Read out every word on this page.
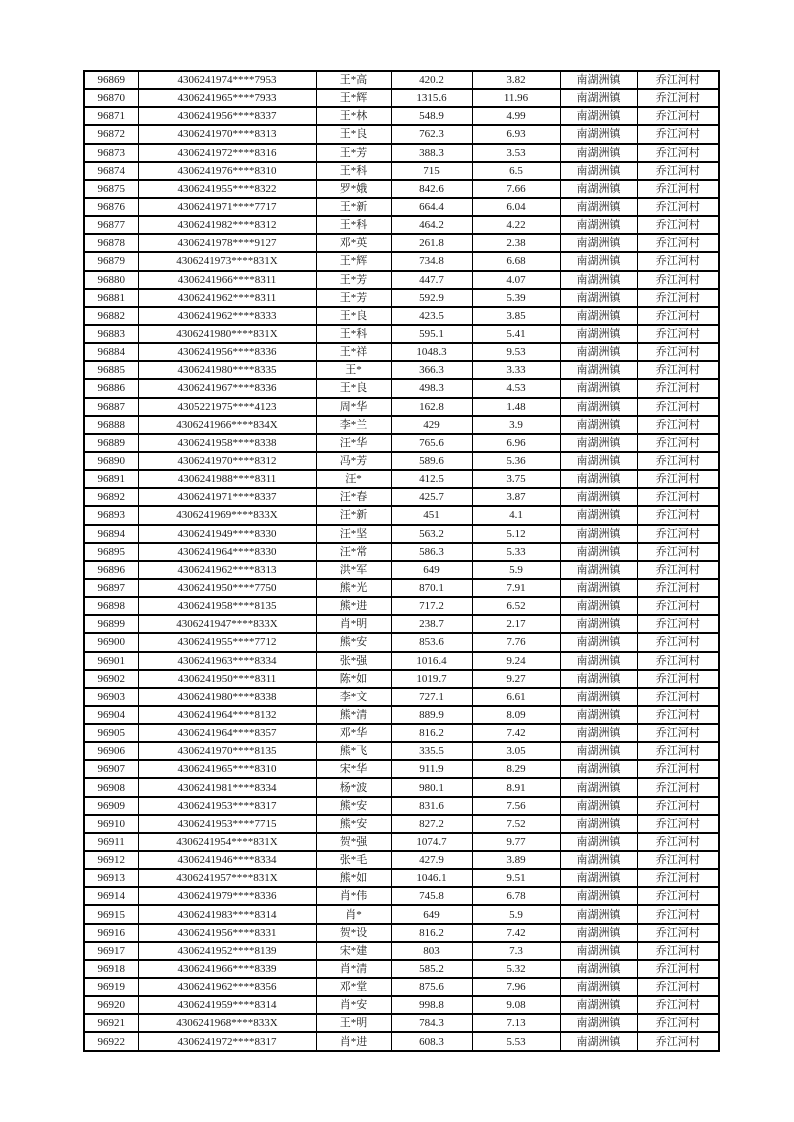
96869	4306241974****7953	王*高	420.2	3.82	南湖洲镇	乔江河村
96870	4306241965****7933	王*辉	1315.6	11.96	南湖洲镇	乔江河村
96871	4306241956****8337	王*林	548.9	4.99	南湖洲镇	乔江河村
96872	4306241970****8313	王*良	762.3	6.93	南湖洲镇	乔江河村
96873	4306241972****8316	王*芳	388.3	3.53	南湖洲镇	乔江河村
96874	4306241976****8310	王*科	715	6.5	南湖洲镇	乔江河村
96875	4306241955****8322	罗*娥	842.6	7.66	南湖洲镇	乔江河村
96876	4306241971****7717	王*新	664.4	6.04	南湖洲镇	乔江河村
96877	4306241982****8312	王*科	464.2	4.22	南湖洲镇	乔江河村
96878	4306241978****9127	邓*英	261.8	2.38	南湖洲镇	乔江河村
96879	4306241973****831X	王*辉	734.8	6.68	南湖洲镇	乔江河村
96880	4306241966****8311	王*芳	447.7	4.07	南湖洲镇	乔江河村
96881	4306241962****8311	王*芳	592.9	5.39	南湖洲镇	乔江河村
96882	4306241962****8333	王*良	423.5	3.85	南湖洲镇	乔江河村
96883	4306241980****831X	王*科	595.1	5.41	南湖洲镇	乔江河村
96884	4306241956****8336	王*祥	1048.3	9.53	南湖洲镇	乔江河村
96885	4306241980****8335	王*	366.3	3.33	南湖洲镇	乔江河村
96886	4306241967****8336	王*良	498.3	4.53	南湖洲镇	乔江河村
96887	4305221975****4123	周*华	162.8	1.48	南湖洲镇	乔江河村
96888	4306241966****834X	李*兰	429	3.9	南湖洲镇	乔江河村
96889	4306241958****8338	汪*华	765.6	6.96	南湖洲镇	乔江河村
96890	4306241970****8312	冯*芳	589.6	5.36	南湖洲镇	乔江河村
96891	4306241988****8311	汪*	412.5	3.75	南湖洲镇	乔江河村
96892	4306241971****8337	汪*春	425.7	3.87	南湖洲镇	乔江河村
96893	4306241969****833X	汪*新	451	4.1	南湖洲镇	乔江河村
96894	4306241949****8330	汪*坚	563.2	5.12	南湖洲镇	乔江河村
96895	4306241964****8330	汪*常	586.3	5.33	南湖洲镇	乔江河村
96896	4306241962****8313	洪*军	649	5.9	南湖洲镇	乔江河村
96897	4306241950****7750	熊*光	870.1	7.91	南湖洲镇	乔江河村
96898	4306241958****8135	熊*进	717.2	6.52	南湖洲镇	乔江河村
96899	4306241947****833X	肖*明	238.7	2.17	南湖洲镇	乔江河村
96900	4306241955****7712	熊*安	853.6	7.76	南湖洲镇	乔江河村
96901	4306241963****8334	张*强	1016.4	9.24	南湖洲镇	乔江河村
96902	4306241950****8311	陈*如	1019.7	9.27	南湖洲镇	乔江河村
96903	4306241980****8338	李*文	727.1	6.61	南湖洲镇	乔江河村
96904	4306241964****8132	熊*清	889.9	8.09	南湖洲镇	乔江河村
96905	4306241964****8357	邓*华	816.2	7.42	南湖洲镇	乔江河村
96906	4306241970****8135	熊*飞	335.5	3.05	南湖洲镇	乔江河村
96907	4306241965****8310	宋*华	911.9	8.29	南湖洲镇	乔江河村
96908	4306241981****8334	杨*波	980.1	8.91	南湖洲镇	乔江河村
96909	4306241953****8317	熊*安	831.6	7.56	南湖洲镇	乔江河村
96910	4306241953****7715	熊*安	827.2	7.52	南湖洲镇	乔江河村
96911	4306241954****831X	贺*强	1074.7	9.77	南湖洲镇	乔江河村
96912	4306241946****8334	张*毛	427.9	3.89	南湖洲镇	乔江河村
96913	4306241957****831X	熊*如	1046.1	9.51	南湖洲镇	乔江河村
96914	4306241979****8336	肖*伟	745.8	6.78	南湖洲镇	乔江河村
96915	4306241983****8314	肖*	649	5.9	南湖洲镇	乔江河村
96916	4306241956****8331	贺*设	816.2	7.42	南湖洲镇	乔江河村
96917	4306241952****8139	宋*建	803	7.3	南湖洲镇	乔江河村
96918	4306241966****8339	肖*清	585.2	5.32	南湖洲镇	乔江河村
96919	4306241962****8356	邓*堂	875.6	7.96	南湖洲镇	乔江河村
96920	4306241959****8314	肖*安	998.8	9.08	南湖洲镇	乔江河村
96921	4306241968****833X	王*明	784.3	7.13	南湖洲镇	乔江河村
96922	4306241972****8317	肖*进	608.3	5.53	南湖洲镇	乔江河村
